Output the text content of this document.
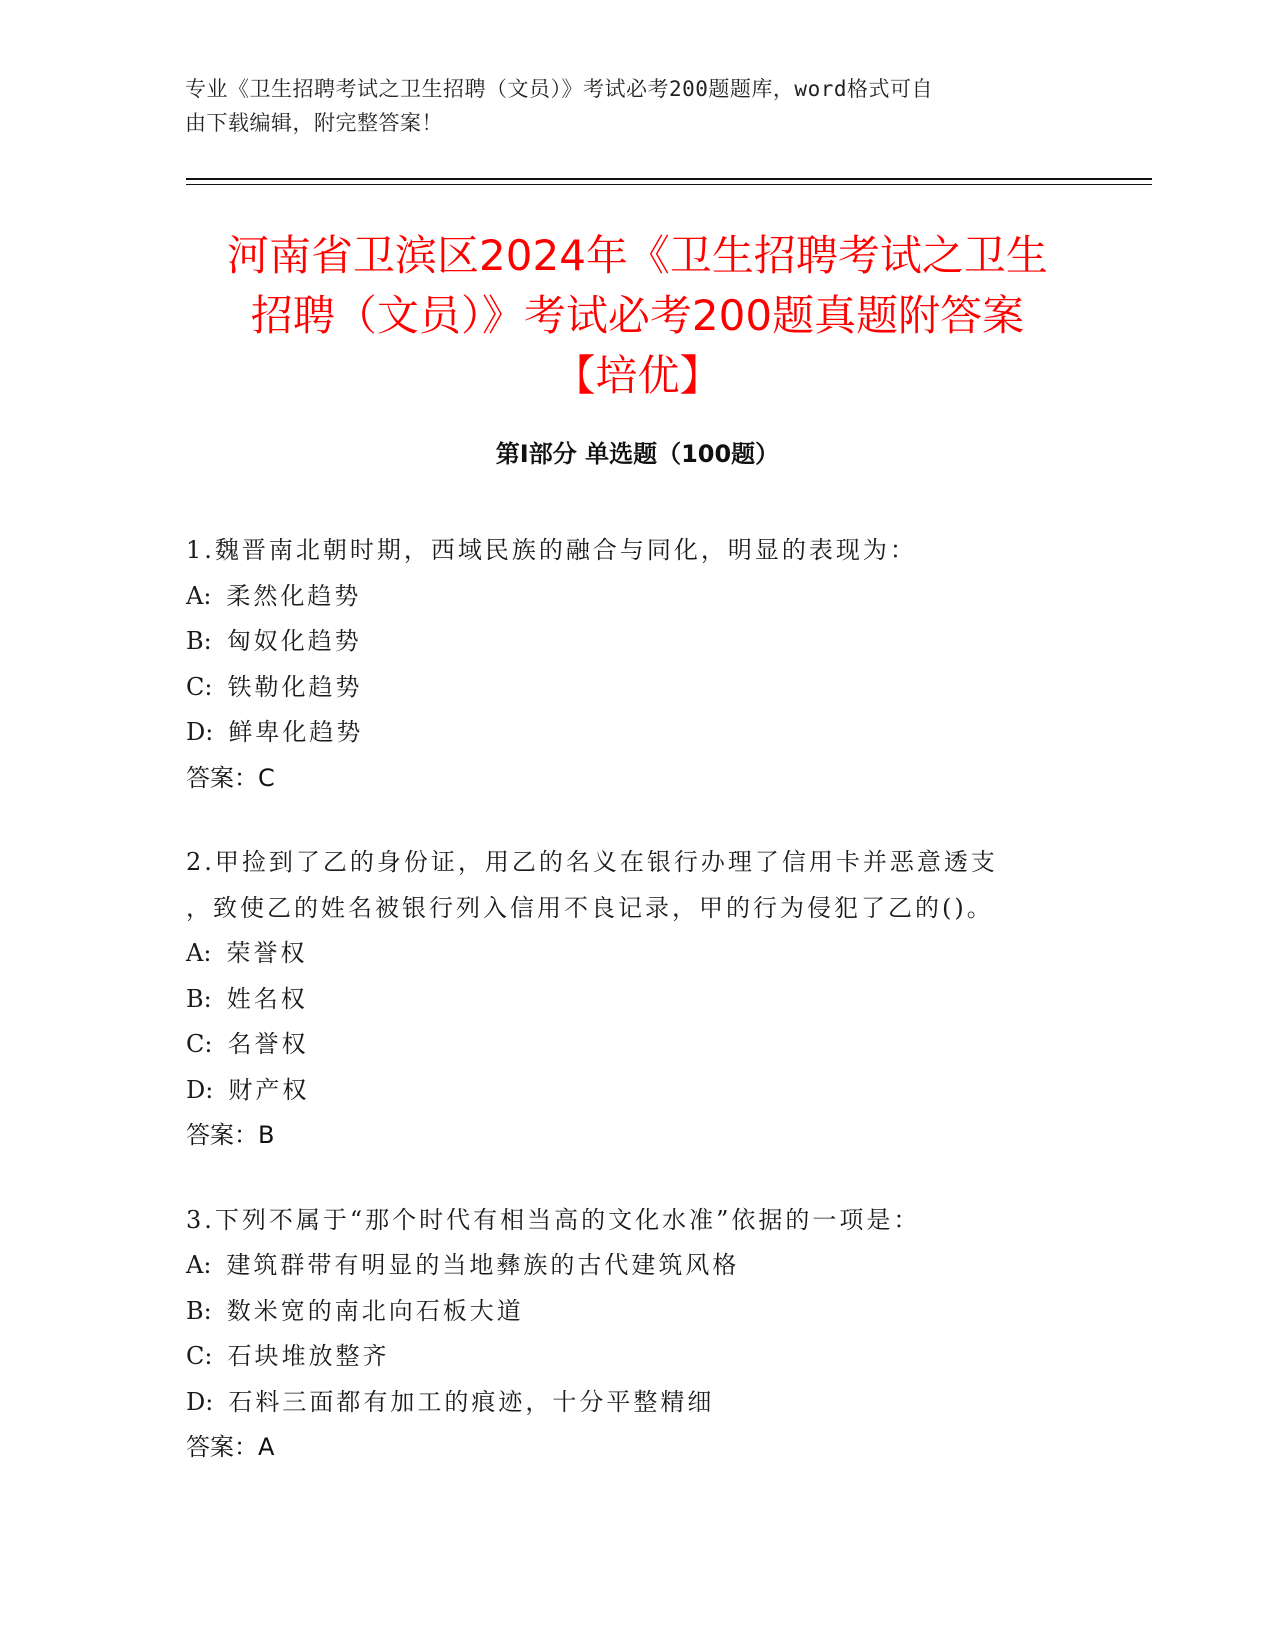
专业《卫生招聘考试之卫生招聘（文员）》考试必考200题题库，word格式可自
由下载编辑，附完整答案！
河南省卫滨区2024年《卫生招聘考试之卫生
招聘（文员）》考试必考200题真题附答案
【培优】
第Ⅰ部分 单选题（100题）
1.魏晋南北朝时期，西域民族的融合与同化，明显的表现为：
A:  柔然化趋势
B:  匈奴化趋势
C:  铁勒化趋势
D:  鲜卑化趋势
答案：C
2.甲捡到了乙的身份证，用乙的名义在银行办理了信用卡并恶意透支
，致使乙的姓名被银行列入信用不良记录，甲的行为侵犯了乙的()。
A:  荣誉权
B:  姓名权
C:  名誉权
D:  财产权
答案：B
3.下列不属于“那个时代有相当高的文化水准”依据的一项是：
A:  建筑群带有明显的当地彝族的古代建筑风格
B:  数米宽的南北向石板大道
C:  石块堆放整齐
D:  石料三面都有加工的痕迹，十分平整精细
答案：A
